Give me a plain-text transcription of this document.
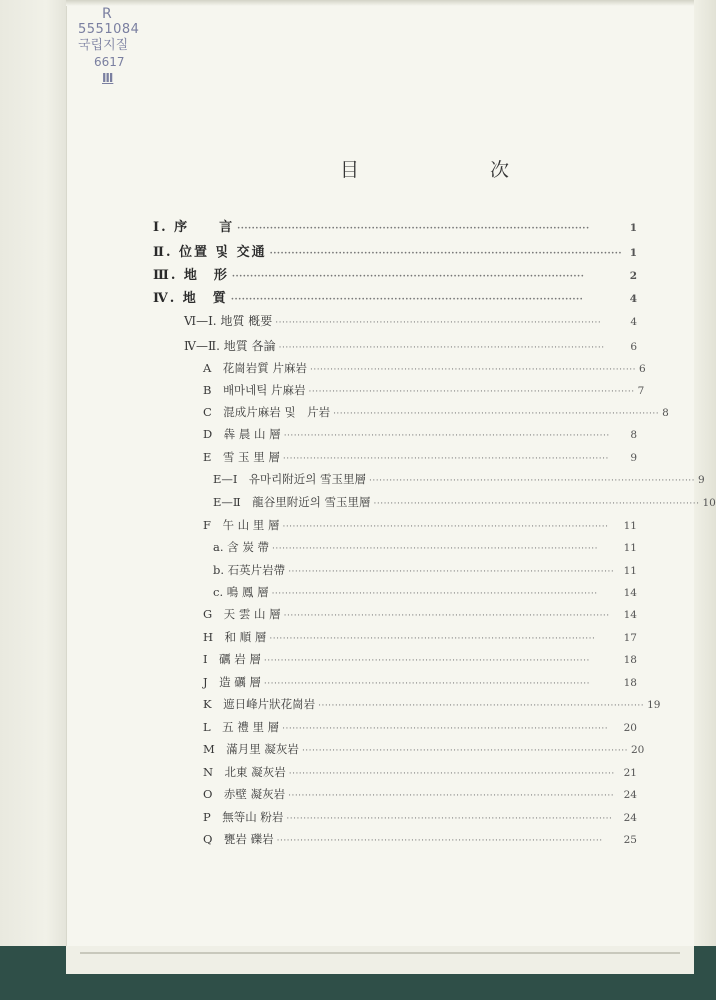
R
5551084
국립지질
6617
Ⅲ
目　次
Ⅰ. 序　　言 ·································································································	1
Ⅱ. 位置 및 交通 ································································································· 1
Ⅲ. 地　形 ·································································································	2
Ⅳ. 地　質 ·································································································	4
Ⅵ—Ⅰ. 地質 槪要 ·································································································	4
Ⅳ—Ⅱ. 地質 各論 ·································································································	6
A　花崗岩質 片麻岩 ································································································· 6
B　배마네틱 片麻岩 ································································································· 7
C　混成片麻岩 및　片岩 ································································································· 8
D　犇 晨 山 層 ·································································································	8
E　雪 玉 里 層 ·································································································	9
E—Ⅰ　유마리附近의 雪玉里層 ································································································· 9
E—Ⅱ　龍谷里附近의 雪玉里層 ································································································· 10
F　午 山 里 層 ·································································································	11
a. 含 炭 帶 ·································································································	11
b. 石英片岩帶 ································································································· 11
c. 鳴 鳳 層 ·································································································	14
G　天 雲 山 層 ·································································································	14
H　和 順 層 ·································································································	17
I　礪 岩 層 ·································································································	18
J　造 礪 層 ·································································································	18
K　遮日峰片狀花崗岩 ································································································· 19
L　五 禮 里 層 ·································································································	20
M　滿月里 凝灰岩 ································································································· 20
N　北東 凝灰岩 ································································································· 21
O　赤壁 凝灰岩 ································································································· 24
P　無等山 粉岩 ·································································································	24
Q　甕岩 礫岩 ·································································································	25
